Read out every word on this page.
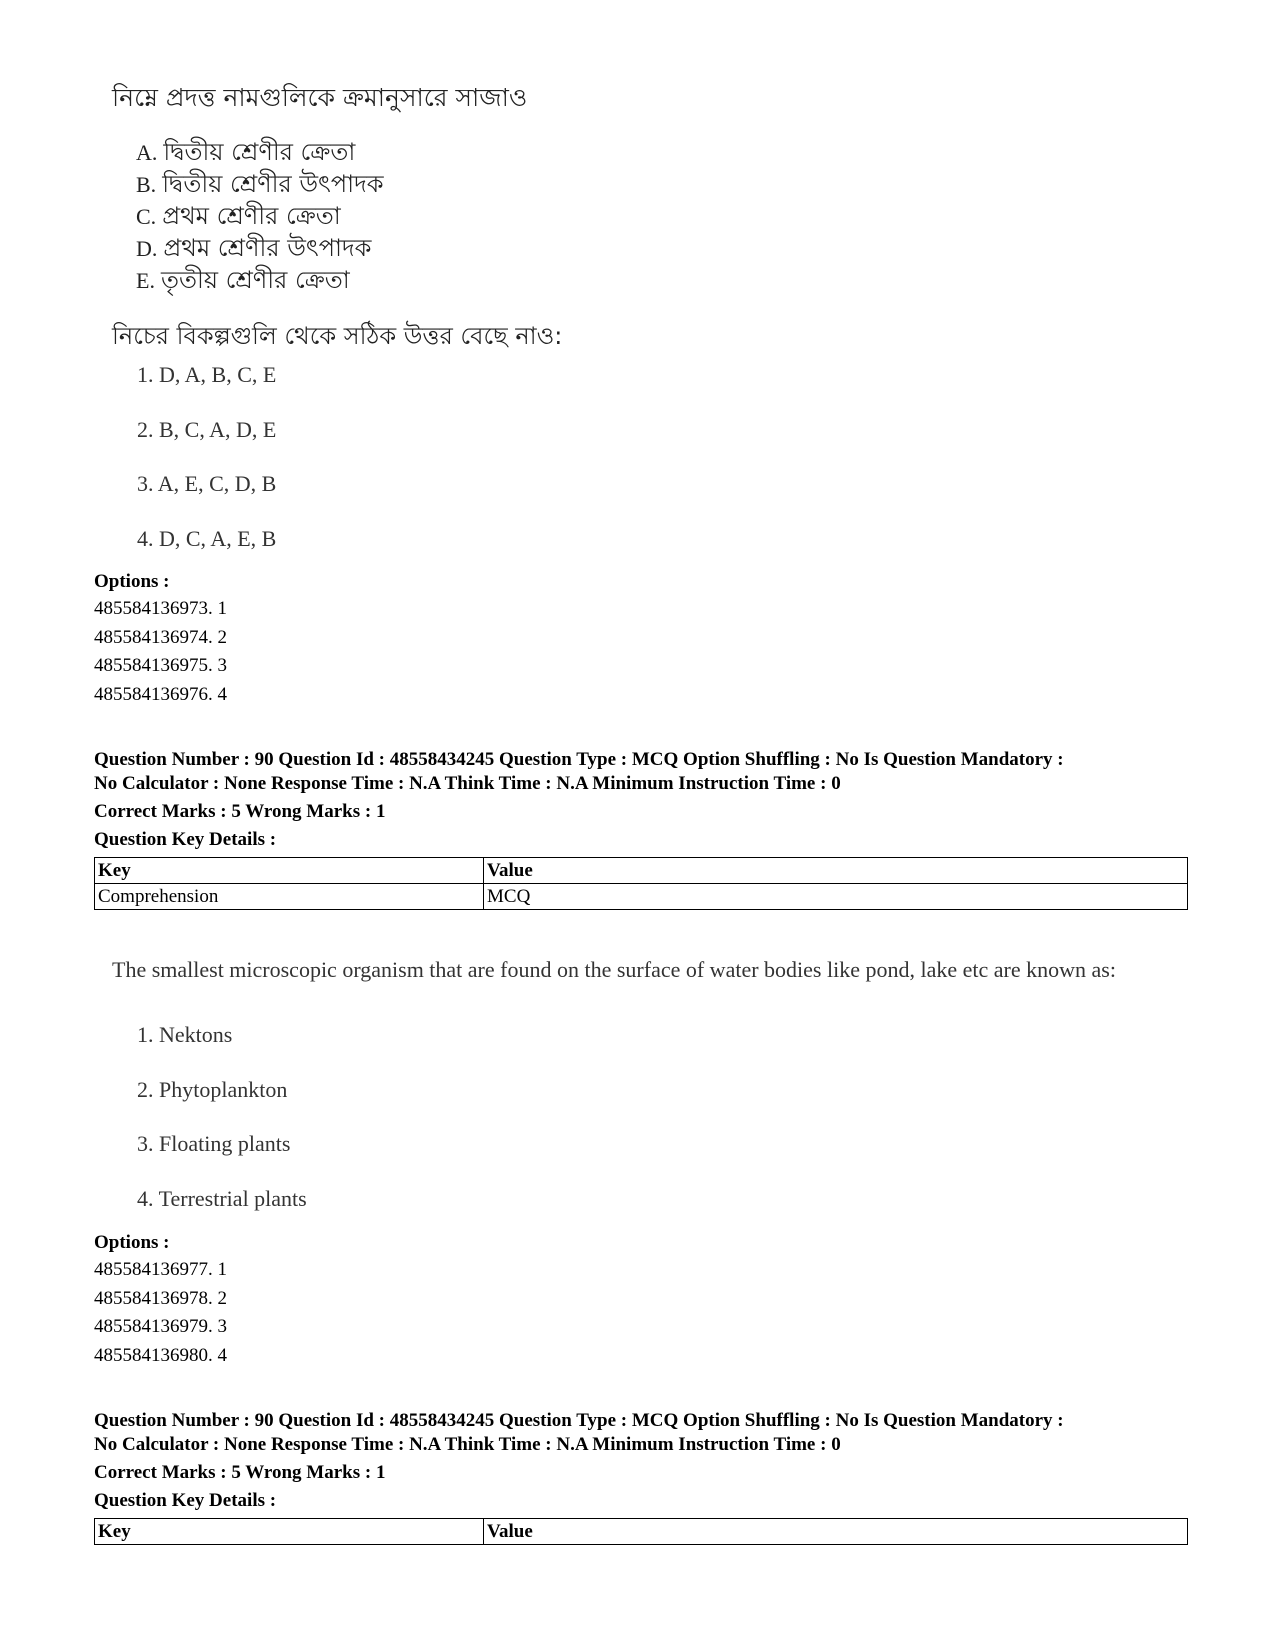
নিম্নে প্রদত্ত নামগুলিকে ক্রমানুসারে সাজাও
A. দ্বিতীয় শ্রেণীর ক্রেতা
B. দ্বিতীয় শ্রেণীর উৎপাদক
C. প্রথম শ্রেণীর ক্রেতা
D. প্রথম শ্রেণীর উৎপাদক
E. তৃতীয় শ্রেণীর ক্রেতা
নিচের বিকল্পগুলি থেকে সঠিক উত্তর বেছে নাও:
1. D, A, B, C, E
2. B, C, A, D, E
3. A, E, C, D, B
4. D, C, A, E, B
Options :
485584136973. 1
485584136974. 2
485584136975. 3
485584136976. 4
Question Number : 90 Question Id : 48558434245 Question Type : MCQ Option Shuffling : No Is Question Mandatory :
No Calculator : None Response Time : N.A Think Time : N.A Minimum Instruction Time : 0
Correct Marks : 5 Wrong Marks : 1
Question Key Details :
Key	Value
Comprehension	MCQ
The smallest microscopic organism that are found on the surface of water bodies like pond, lake etc are known as:
1. Nektons
2. Phytoplankton
3. Floating plants
4. Terrestrial plants
Options :
485584136977. 1
485584136978. 2
485584136979. 3
485584136980. 4
Question Number : 90 Question Id : 48558434245 Question Type : MCQ Option Shuffling : No Is Question Mandatory :
No Calculator : None Response Time : N.A Think Time : N.A Minimum Instruction Time : 0
Correct Marks : 5 Wrong Marks : 1
Question Key Details :
Key	Value
